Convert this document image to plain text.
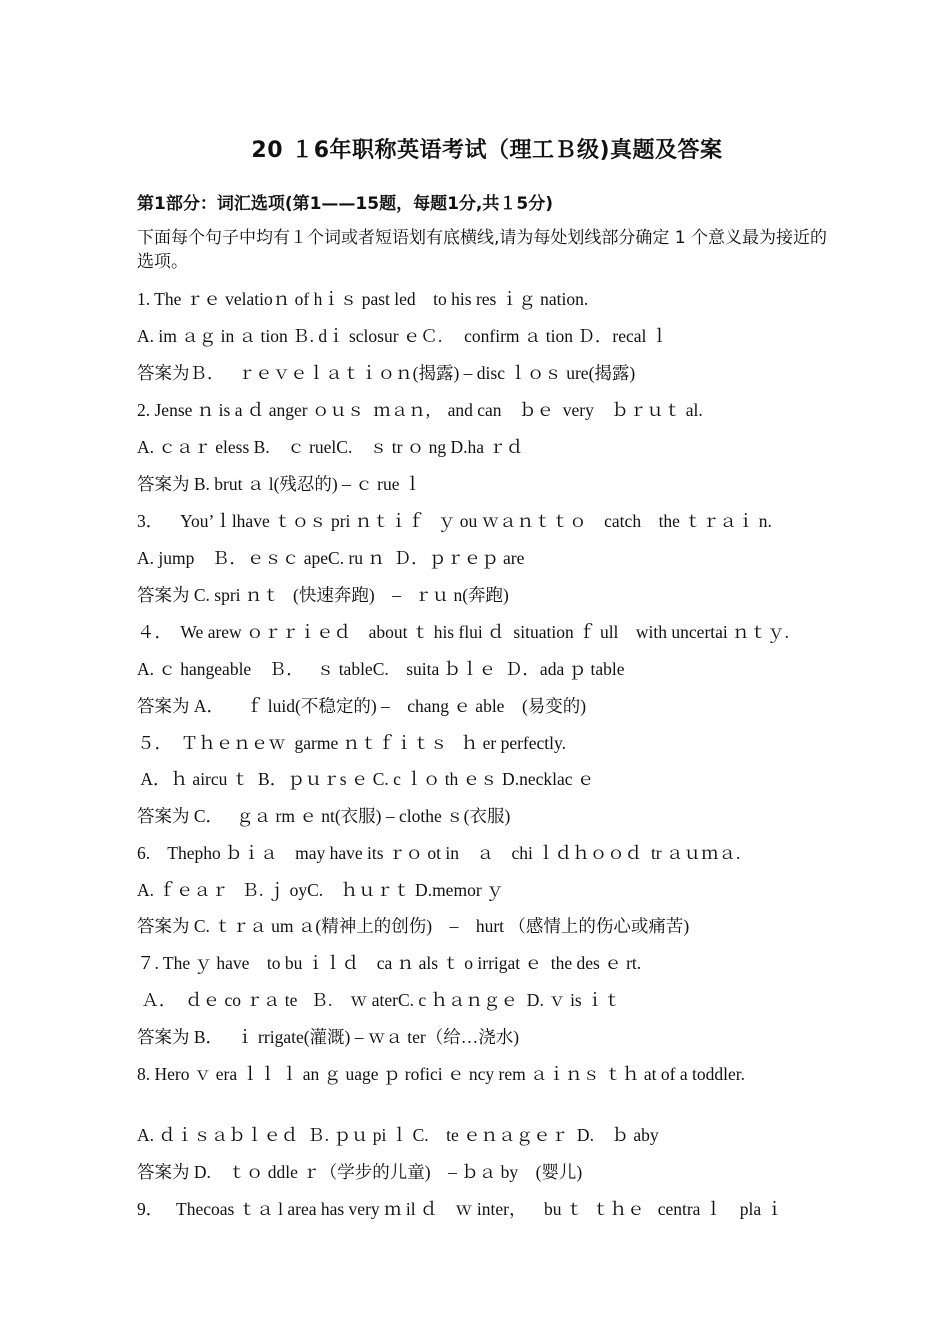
20 １6年职称英语考试（理工Ｂ级)真题及答案
第1部分：词汇选项(第1——15题，每题1分,共１5分)
下面每个句子中均有１个词或者短语划有底横线,请为每处划线部分确定 1 个意义最为接近的选项。
1. The ｒｅ velatioｎ of hｉｓ past led    to his res ｉｇ nation.
A. im ａｇ in ａ tion Ｂ. dｉ sclosur ｅＣ.     confirm ａ tion Ｄ．recal ｌ
答案为Ｂ．   ｒｅｖｅｌａｔｉｏｎ(揭露) – disc ｌｏｓ ure(揭露)
2. Jense ｎ is a ｄ anger ｏｕｓ  ｍａｎ,    and can    ｂｅ  very    ｂｒｕｔ al.
A. ｃａｒ eless B.    ｃ ruelC.    ｓ tr ｏ ng D.ha ｒｄ
答案为 B. brut ａ l(残忍的) – ｃ rue ｌ
3．    You’ｌlhave ｔｏｓ pri ｎｔｉｆ   ｙ ou ｗａｎｔｔｏ    catch    the ｔｒａｉ n.
A. jump    Ｂ．ｅｓｃ apeC. ru ｎ  Ｄ．ｐｒｅｐ are
答案为 C. spri ｎｔ   (快速奔跑)    –   ｒｕ n(奔跑)
４．  We arew ｏｒｒｉｅｄ    about ｔ his flui ｄ  situation ｆ ull    with uncertai ｎｔｙ.
A. ｃ hangeable    Ｂ．   ｓ tableC.    suita ｂｌｅ  Ｄ．ada ｐ table
答案为 A．     ｆ luid(不稳定的) –    chang ｅ able    (易变的)
５．  Ｔｈｅｎｅｗ  garme ｎｔｆｉｔｓ   ｈ er perfectly.
A．ｈ aircu ｔ  B．ｐｕｒs ｅ C. c ｌｏ th ｅｓ D.necklac ｅ
答案为 C．   ｇａ rm ｅ nt(衣服) – clothe ｓ(衣服)
6.    Thepho ｂｉａ    may have its ｒｏ ot in    ａ    chi ｌｄｈｏｏｄ  tr ａｕｍａ.
A. ｆｅａｒ   Ｂ. ｊ oyC.    ｈｕｒｔ D.memor ｙ
答案为 C. ｔｒａ um ａ(精神上的创伤)    –    hurt （感情上的伤心或痛苦)
７. The ｙ have    to bu ｉｌｄ    ca ｎ als ｔ o irrigat ｅ  the des ｅ rt.
Ａ．  ｄｅ co ｒａ te   Ｂ.    ｗ aterC. c ｈａｎｇｅ  D. ｖ is ｉｔ
答案为 B．   ｉ rrigate(灌溉) – ｗａ ter（给…浇水)
8. Hero ｖ era ｌｌ ｌ an ｇ uage ｐ rofici ｅ ncy rem ａｉｎｓ ｔｈ at of a toddler.
A. ｄｉｓａｂｌｅｄ  Ｂ. ｐｕ pi ｌ C.    te ｅｎａｇｅｒ  D.    ｂ aby
答案为 D.    ｔｏ ddle ｒ（学步的儿童)    – ｂａ by    (婴儿)
9．   Thecoas ｔａ l area has very ｍ il ｄ    ｗ inter，    bu ｔ  ｔｈｅ   centra ｌ    pla ｉ
